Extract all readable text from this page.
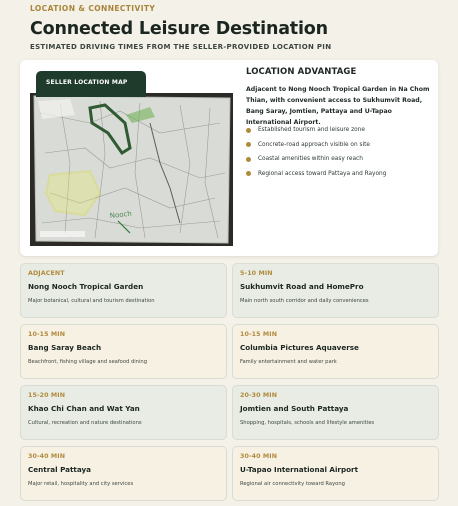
LOCATION & CONNECTIVITY
Connected Leisure Destination
ESTIMATED DRIVING TIMES FROM THE SELLER-PROVIDED LOCATION PIN
Nooch
SELLER LOCATION MAP
LOCATION ADVANTAGE
Adjacent to Nong Nooch Tropical Garden in Na Chom Thian, with convenient access to Sukhumvit Road, Bang Saray, Jomtien, Pattaya and U-Tapao International Airport.
Established tourism and leisure zone
Concrete-road approach visible on site
Coastal amenities within easy reach
Regional access toward Pattaya and Rayong
ADJACENT
Nong Nooch Tropical Garden
Major botanical, cultural and tourism destination
5-10 MIN
Sukhumvit Road and HomePro
Main north south corridor and daily conveniences
10-15 MIN
Bang Saray Beach
Beachfront, fishing village and seafood dining
10-15 MIN
Columbia Pictures Aquaverse
Family entertainment and water park
15-20 MIN
Khao Chi Chan and Wat Yan
Cultural, recreation and nature destinations
20-30 MIN
Jomtien and South Pattaya
Shopping, hospitals, schools and lifestyle amenities
30-40 MIN
Central Pattaya
Major retail, hospitality and city services
30-40 MIN
U-Tapao International Airport
Regional air connectivity toward Rayong
